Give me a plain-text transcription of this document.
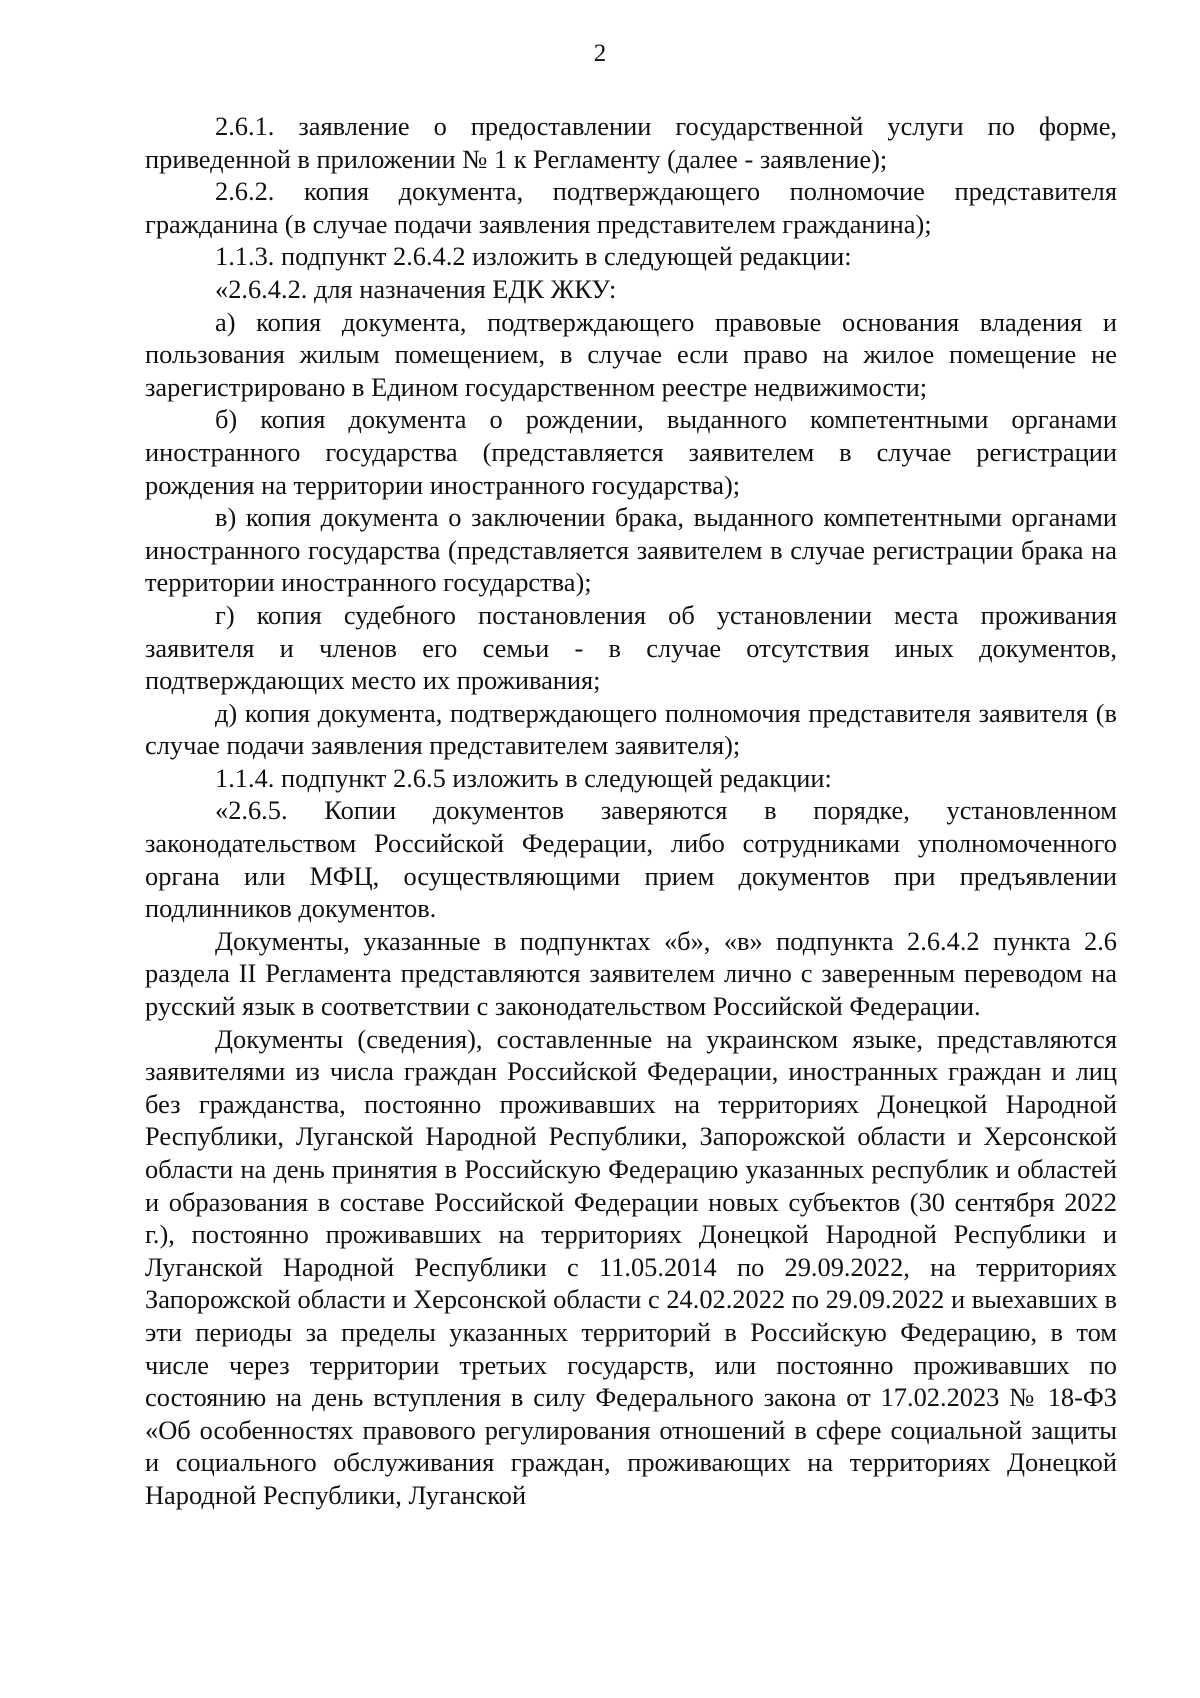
2

2.6.1. заявление о предоставлении государственной услуги по форме, приведенной в приложении № 1 к Регламенту (далее - заявление);

2.6.2. копия документа, подтверждающего полномочие представителя гражданина (в случае подачи заявления представителем гражданина);

1.1.3. подпункт 2.6.4.2 изложить в следующей редакции:

«2.6.4.2. для назначения ЕДК ЖКУ:

а) копия документа, подтверждающего правовые основания владения и пользования жилым помещением, в случае если право на жилое помещение не зарегистрировано в Едином государственном реестре недвижимости;

б) копия документа о рождении, выданного компетентными органами иностранного государства (представляется заявителем в случае регистрации рождения на территории иностранного государства);

в) копия документа о заключении брака, выданного компетентными органами иностранного государства (представляется заявителем в случае регистрации брака на территории иностранного государства);

г) копия судебного постановления об установлении места проживания заявителя и членов его семьи - в случае отсутствия иных документов, подтверждающих место их проживания;

д) копия документа, подтверждающего полномочия представителя заявителя (в случае подачи заявления представителем заявителя);

1.1.4. подпункт 2.6.5 изложить в следующей редакции:

«2.6.5. Копии документов заверяются в порядке, установленном законодательством Российской Федерации, либо сотрудниками уполномоченного органа или МФЦ, осуществляющими прием документов при предъявлении подлинников документов.

Документы, указанные в подпунктах «б», «в» подпункта 2.6.4.2 пункта 2.6 раздела II Регламента представляются заявителем лично с заверенным переводом на русский язык в соответствии с законодательством Российской Федерации.

Документы (сведения), составленные на украинском языке, представляются заявителями из числа граждан Российской Федерации, иностранных граждан и лиц без гражданства, постоянно проживавших на территориях Донецкой Народной Республики, Луганской Народной Республики, Запорожской области и Херсонской области на день принятия в Российскую Федерацию указанных республик и областей и образования в составе Российской Федерации новых субъектов (30 сентября 2022 г.), постоянно проживавших на территориях Донецкой Народной Республики и Луганской Народной Республики с 11.05.2014 по 29.09.2022, на территориях Запорожской области и Херсонской области с 24.02.2022 по 29.09.2022 и выехавших в эти периоды за пределы указанных территорий в Российскую Федерацию, в том числе через территории третьих государств, или постоянно проживавших по состоянию на день вступления в силу Федерального закона от 17.02.2023 № 18-ФЗ «Об особенностях правового регулирования отношений в сфере социальной защиты и социального обслуживания граждан, проживающих на территориях Донецкой Народной Республики, Луганской
